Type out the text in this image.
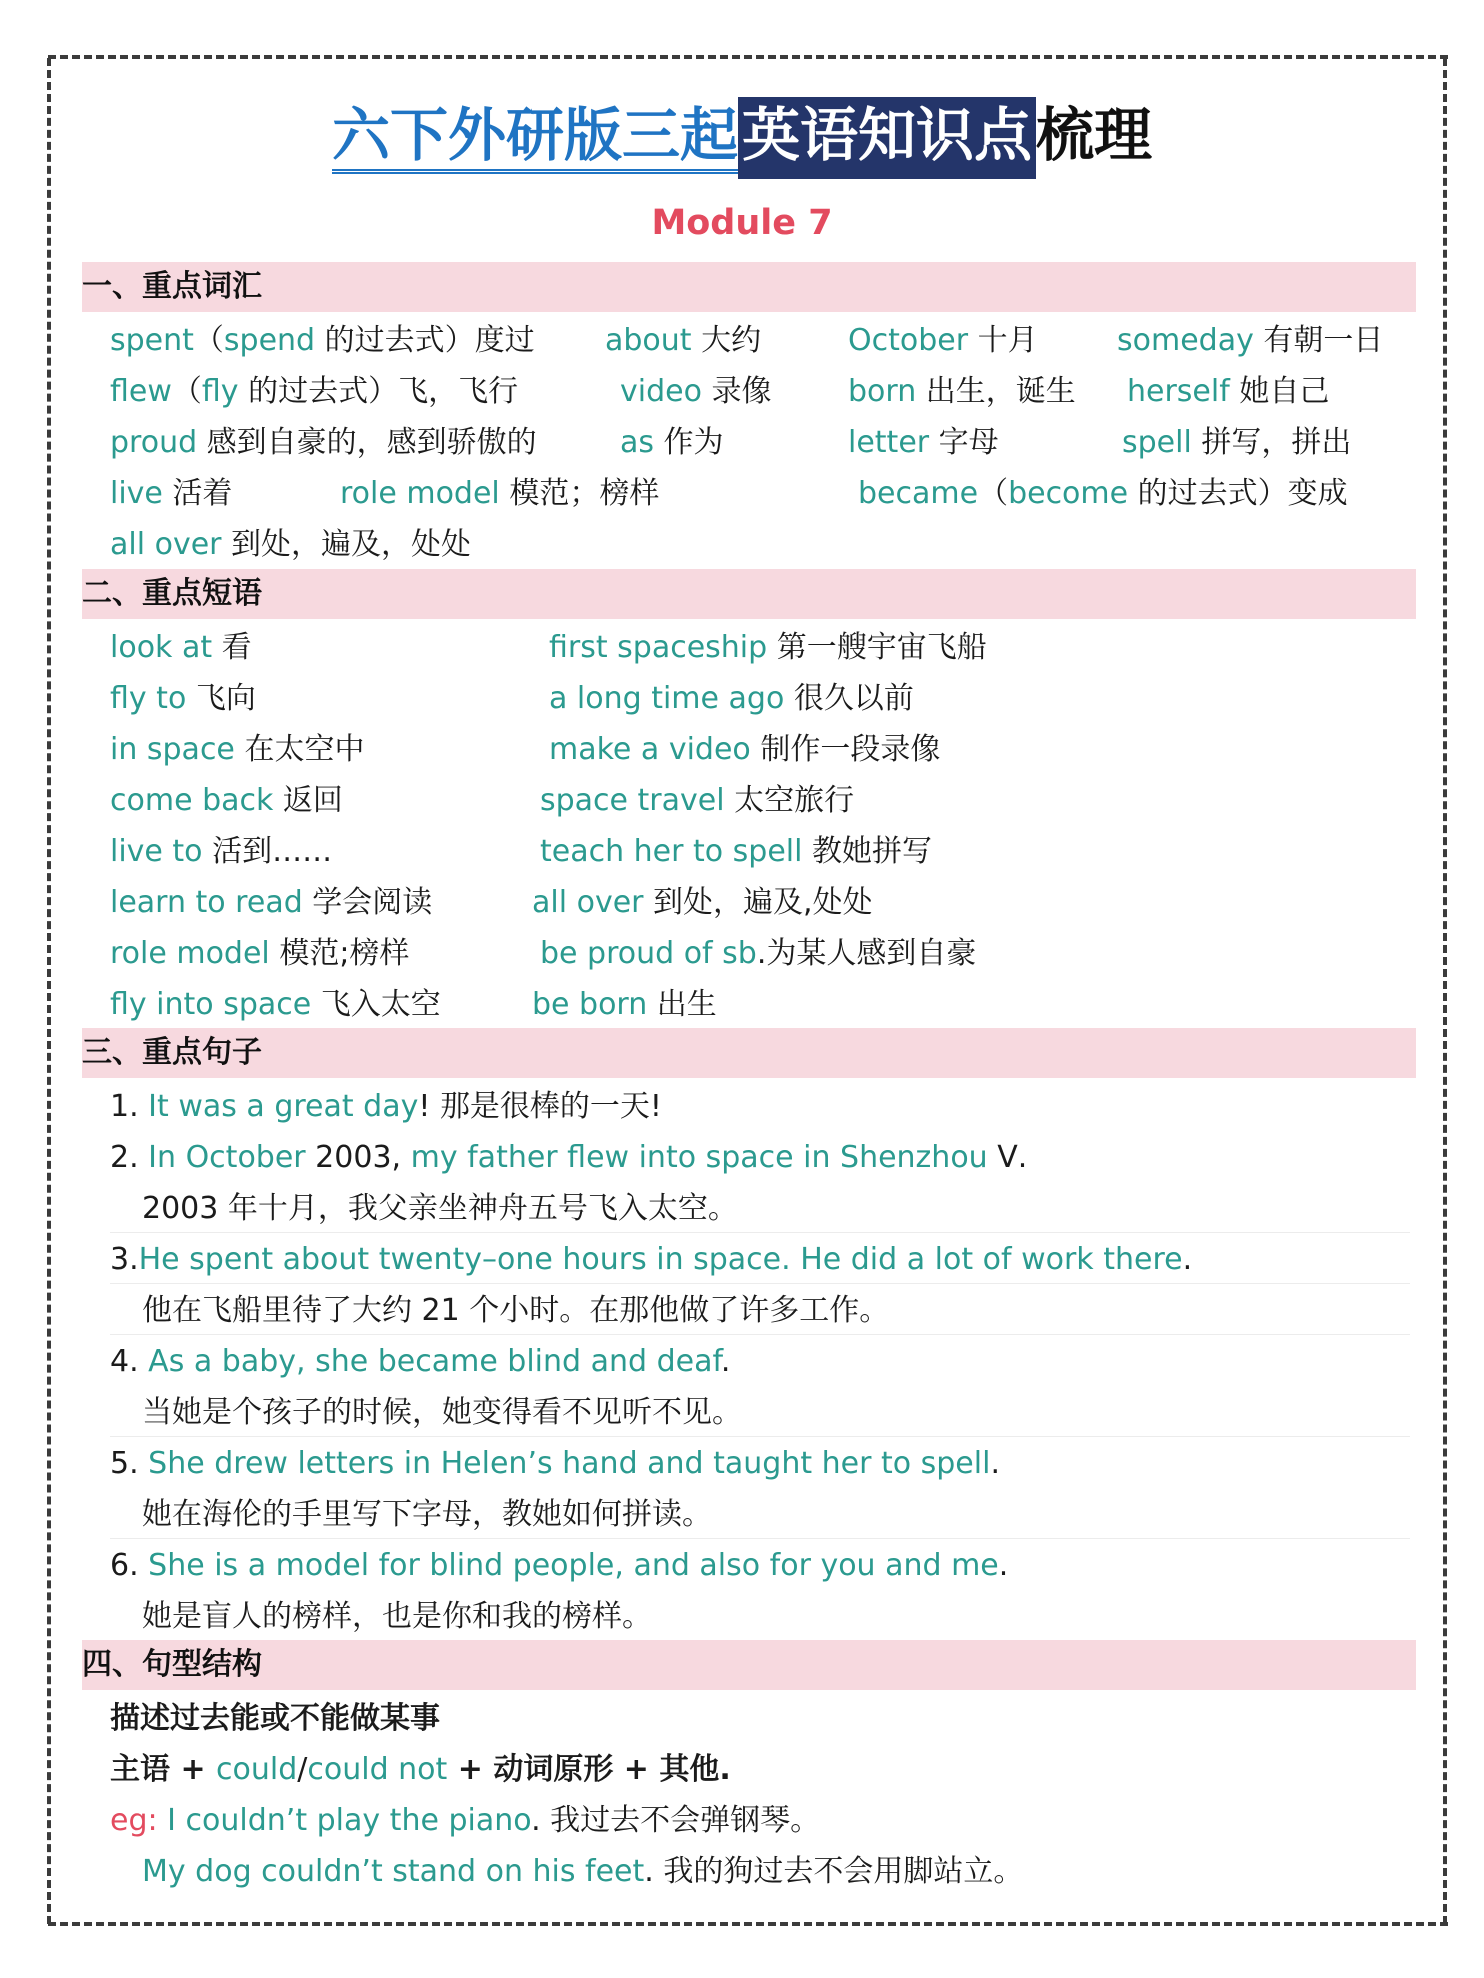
六下外研版三起英语知识点梳理
Module 7
一、重点词汇
spent（spend 的过去式）度过 about 大约	October 十月	someday 有朝一日
flew（fly 的过去式）飞，飞行	video 录像	born 出生，诞生 herself 她自己
proud 感到自豪的，感到骄傲的	as 作为	letter 字母	spell 拼写，拼出
live 活着	role model 模范；榜样	became（become 的过去式）变成
all over 到处，遍及，处处
二、重点短语
look at 看	first spaceship 第一艘宇宙飞船
fly to 飞向	a long time ago 很久以前
in space 在太空中	make a video 制作一段录像
come back 返回	space travel 太空旅行
live to 活到……	teach her to spell 教她拼写
learn to read 学会阅读	all over 到处，遍及,处处
role model 模范;榜样	be proud of sb.为某人感到自豪
fly into space 飞入太空	be born 出生
三、重点句子
1. It was a great day! 那是很棒的一天!
2. In October 2003, my father flew into space in Shenzhou Ⅴ.
2003 年十月，我父亲坐神舟五号飞入太空。
3.He spent about twenty–one hours in space. He did a lot of work there.
他在飞船里待了大约 21 个小时。在那他做了许多工作。
4. As a baby, she became blind and deaf.
当她是个孩子的时候，她变得看不见听不见。
5. She drew letters in Helen’s hand and taught her to spell.
她在海伦的手里写下字母，教她如何拼读。
6. She is a model for blind people, and also for you and me.
她是盲人的榜样，也是你和我的榜样。
四、句型结构
描述过去能或不能做某事
主语 + could/could not + 动词原形 + 其他.
eg: I couldn’t play the piano. 我过去不会弹钢琴。
My dog couldn’t stand on his feet. 我的狗过去不会用脚站立。
